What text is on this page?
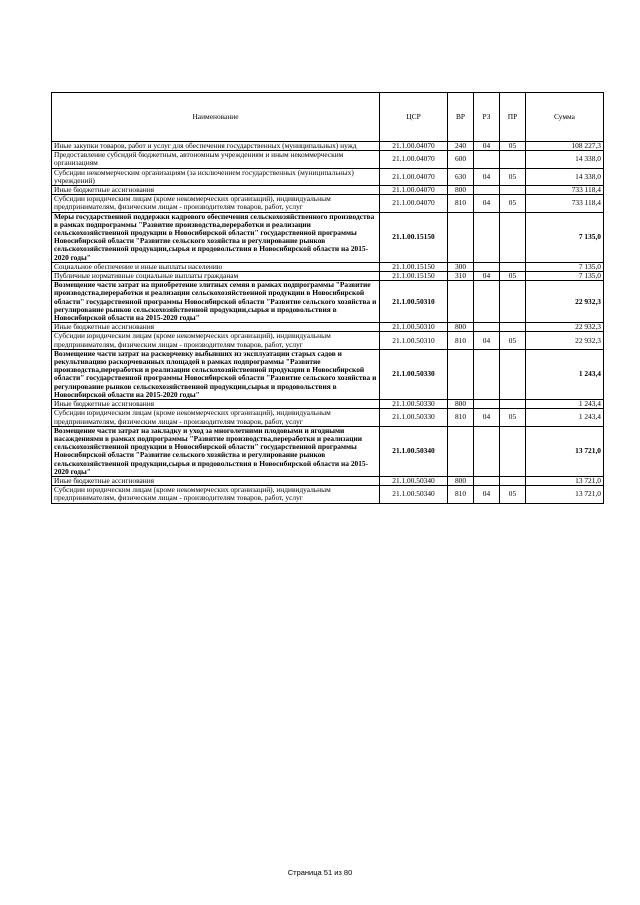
Наименование	ЦСР	ВР	РЗ	ПР	Сумма
Иные закупки товаров, работ и услуг для обеспечения государственных (муниципальных) нужд	21.1.00.04070	240	04	05	108 227,3
Предоставление субсидий бюджетным, автономным учреждениям и иным некоммерческим организациям	21.1.00.04070	600			14 338,0
Субсидии некоммерческим организациям (за исключением государственных (муниципальных) учреждений)	21.1.00.04070	630	04	05	14 338,0
Иные бюджетные ассигнования	21.1.00.04070	800			733 118,4
Субсидии юридическим лицам (кроме некоммерческих организаций), индивидуальным предпринимателям, физическим лицам - производителям товаров, работ, услуг	21.1.00.04070	810	04	05	733 118,4
Меры государственной поддержки кадрового обеспечения сельскохозяйственного производства в рамках подпрограммы "Развитие производства,переработки и реализации сельскохозяйственной продукции в Новосибирской области" государственной программы Новосибирской области "Развитие сельского хозяйства и регулирование рынков сельскохозяйственной продукции,сырья и продовольствия в Новосибирской области на 2015-2020 годы"	21.1.00.15150				7 135,0
Социальное обеспечение и иные выплаты населению	21.1.00.15150	300			7 135,0
Публичные нормативные социальные выплаты гражданам	21.1.00.15150	310	04	05	7 135,0
Возмещение части затрат на приобретение элитных семян в рамках подпрограммы "Развитие производства,переработки и реализации сельскохозяйственной продукции в Новосибирской области" государственной программы Новосибирской области "Развитие сельского хозяйства и регулирование рынков сельскохозяйственной продукции,сырья и продовольствия в Новосибирской области на 2015-2020 годы"	21.1.00.50310				22 932,3
Иные бюджетные ассигнования	21.1.00.50310	800			22 932,3
Субсидии юридическим лицам (кроме некоммерческих организаций), индивидуальным предпринимателям, физическим лицам - производителям товаров, работ, услуг	21.1.00.50310	810	04	05	22 932,3
Возмещение части затрат на раскорчевку выбывших из эксплуатации старых садов и рекультивацию раскорчеванных площадей в рамках подпрограммы "Развитие производства,переработки и реализации сельскохозяйственной продукции в Новосибирской области" государственной программы Новосибирской области "Развитие сельского хозяйства и регулирование рынков сельскохозяйственной продукции,сырья и продовольствия в Новосибирской области на 2015-2020 годы"	21.1.00.50330				1 243,4
Иные бюджетные ассигнования	21.1.00.50330	800			1 243,4
Субсидии юридическим лицам (кроме некоммерческих организаций), индивидуальным предпринимателям, физическим лицам - производителям товаров, работ, услуг	21.1.00.50330	810	04	05	1 243,4
Возмещение части затрат на закладку и уход за многолетними плодовыми и ягодными насаждениями в рамках подпрограммы "Развитие производства,переработки и реализации сельскохозяйственной продукции в Новосибирской области" государственной программы Новосибирской области "Развитие сельского хозяйства и регулирование рынков сельскохозяйственной продукции,сырья и продовольствия в Новосибирской области на 2015-2020 годы"	21.1.00.50340				13 721,0
Иные бюджетные ассигнования	21.1.00.50340	800			13 721,0
Субсидии юридическим лицам (кроме некоммерческих организаций), индивидуальным предпринимателям, физическим лицам - производителям товаров, работ, услуг	21.1.00.50340	810	04	05	13 721,0
Страница 51 из 80
